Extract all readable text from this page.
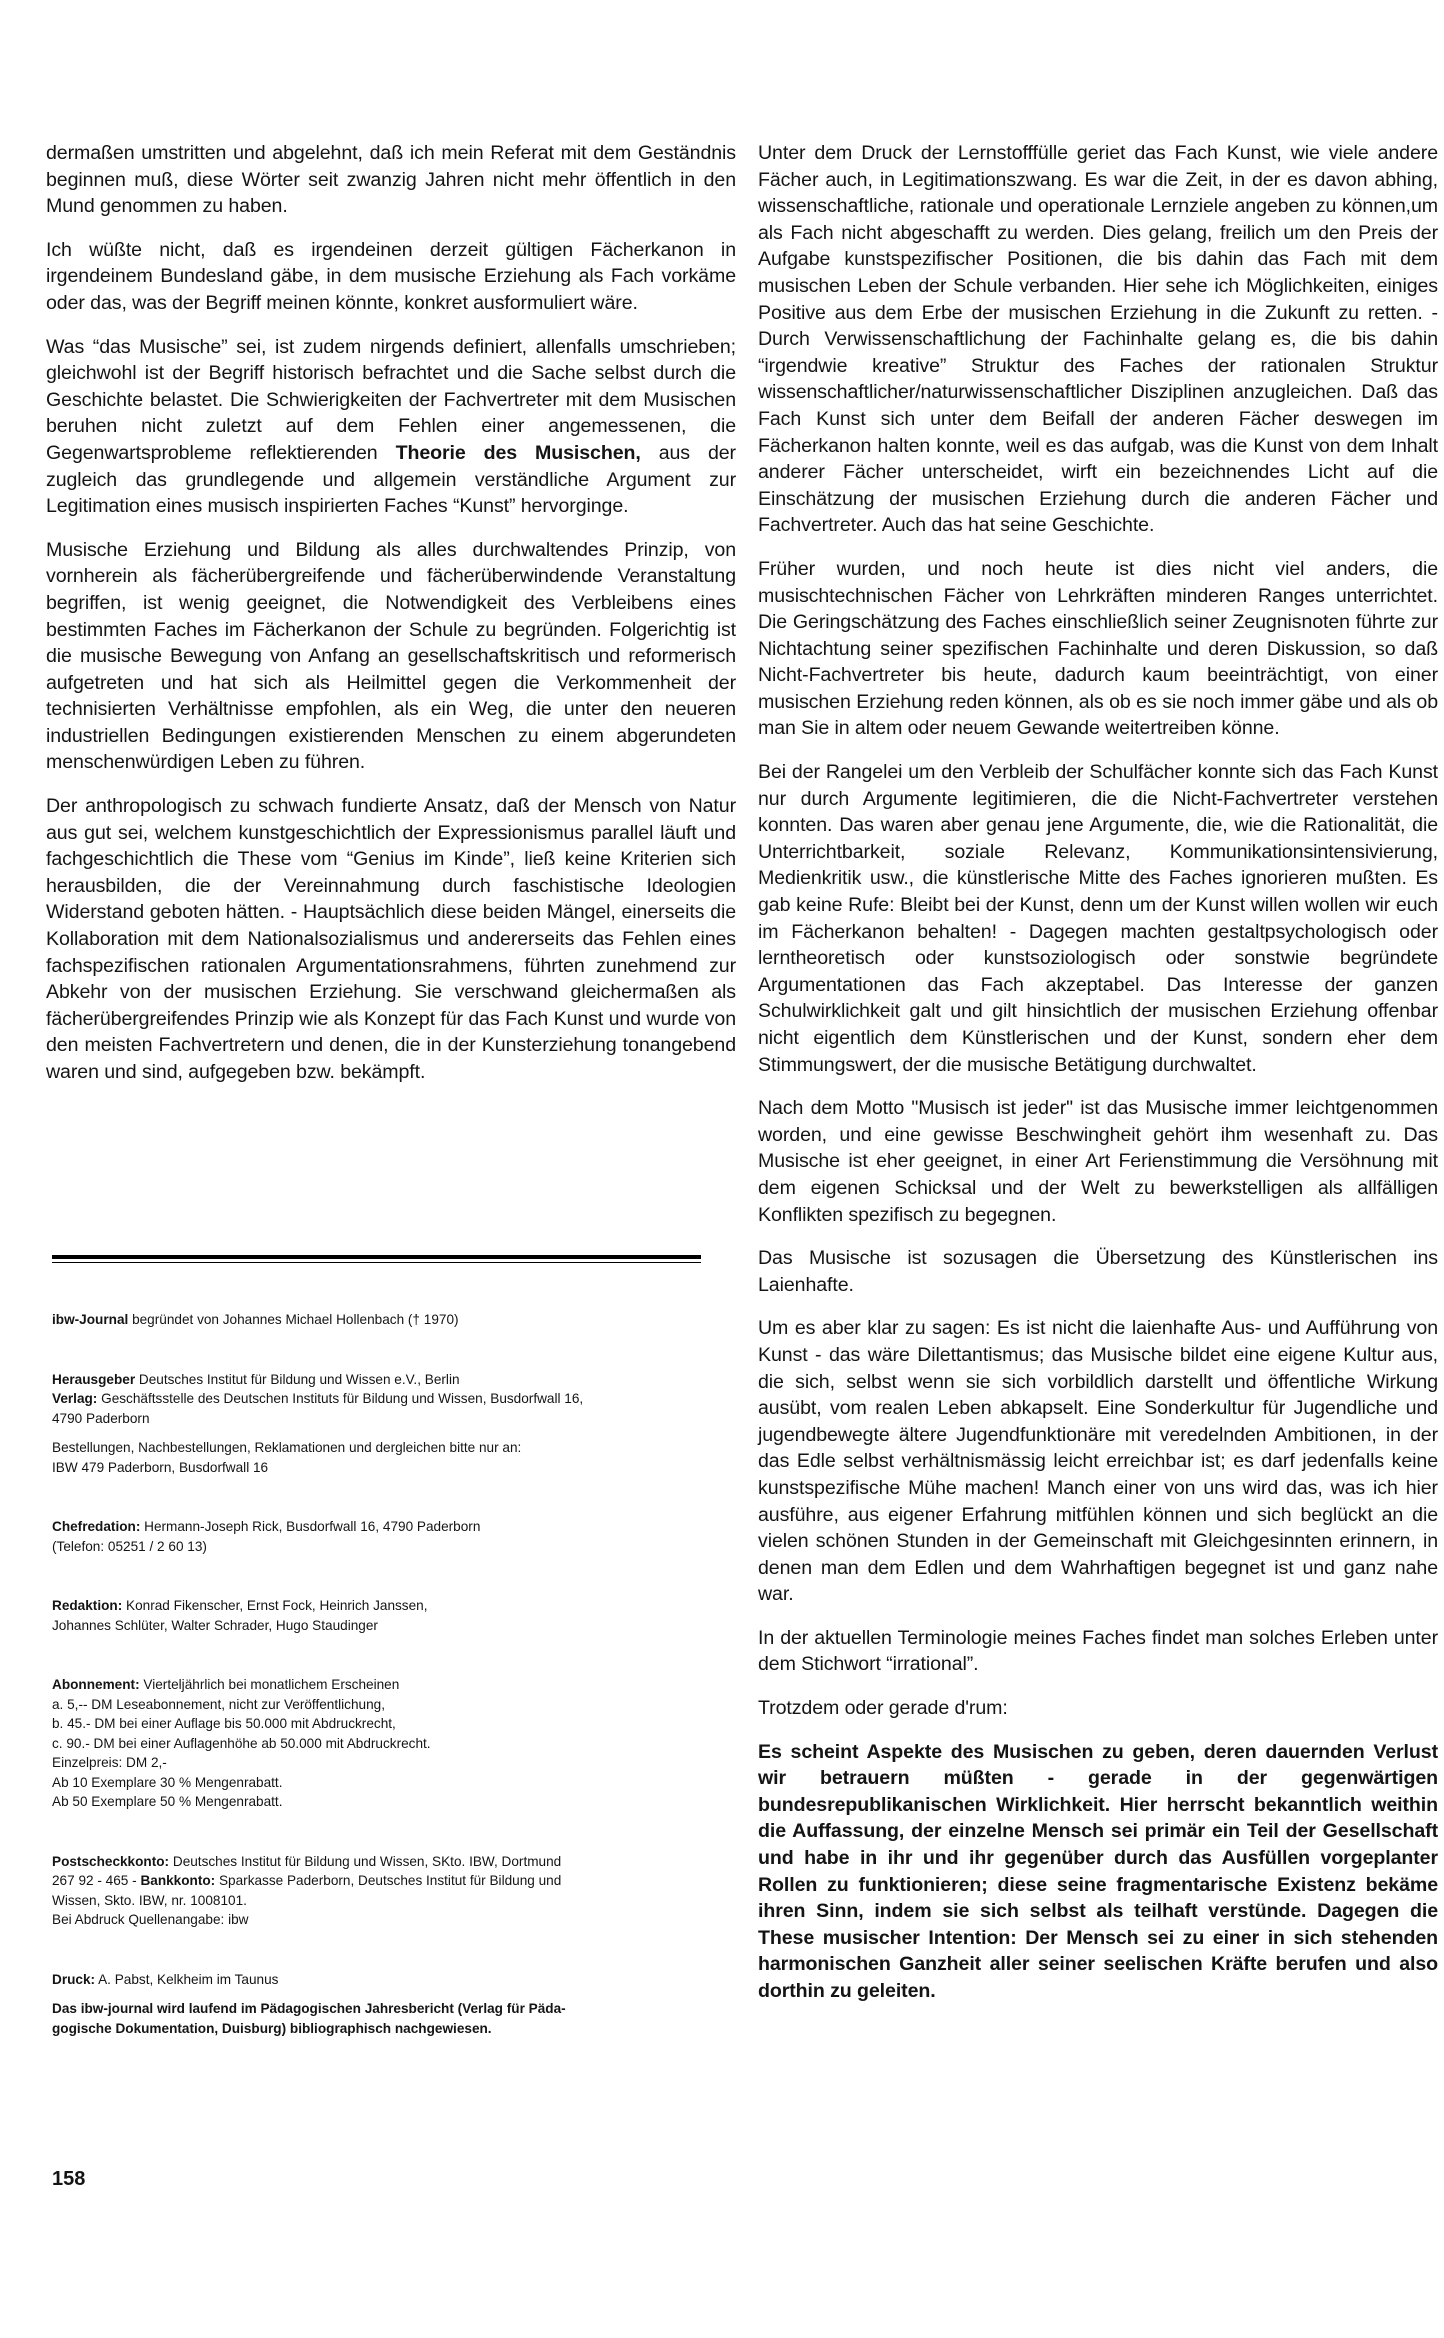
dermaßen umstritten und abgelehnt, daß ich mein Referat mit dem Geständnis beginnen muß, diese Wörter seit zwanzig Jahren nicht mehr öffentlich in den Mund genommen zu haben.

Ich wüßte nicht, daß es irgendeinen derzeit gültigen Fächerkanon in irgendeinem Bundesland gäbe, in dem musische Erziehung als Fach vorkäme oder das, was der Begriff meinen könnte, konkret ausformuliert wäre.

Was “das Musische” sei, ist zudem nirgends definiert, allenfalls umschrieben; gleichwohl ist der Begriff historisch befrachtet und die Sache selbst durch die Geschichte belastet. Die Schwierigkeiten der Fachvertreter mit dem Musischen beruhen nicht zuletzt auf dem Fehlen einer angemessenen, die Gegenwartsprobleme reflektierenden Theorie des Musischen, aus der zugleich das grundlegende und allgemein verständliche Argument zur Legitimation eines musisch inspirierten Faches “Kunst” hervorginge.

Musische Erziehung und Bildung als alles durchwaltendes Prinzip, von vornherein als fächerübergreifende und fächerüberwindende Veranstaltung begriffen, ist wenig geeignet, die Notwendigkeit des Verbleibens eines bestimmten Faches im Fächerkanon der Schule zu begründen. Folgerichtig ist die musische Bewegung von Anfang an gesellschaftskritisch und reformerisch aufgetreten und hat sich als Heilmittel gegen die Verkommenheit der technisierten Verhältnisse empfohlen, als ein Weg, die unter den neueren industriellen Bedingungen existierenden Menschen zu einem abgerundeten menschenwürdigen Leben zu führen.

Der anthropologisch zu schwach fundierte Ansatz, daß der Mensch von Natur aus gut sei, welchem kunstgeschichtlich der Expressionismus parallel läuft und fachgeschichtlich die These vom “Genius im Kinde”, ließ keine Kriterien sich herausbilden, die der Vereinnahmung durch faschistische Ideologien Widerstand geboten hätten. - Hauptsächlich diese beiden Mängel, einerseits die Kollaboration mit dem Nationalsozialismus und andererseits das Fehlen eines fachspezifischen rationalen Argumentationsrahmens, führten zunehmend zur Abkehr von der musischen Erziehung. Sie verschwand gleichermaßen als fächerübergreifendes Prinzip wie als Konzept für das Fach Kunst und wurde von den meisten Fachvertretern und denen, die in der Kunsterziehung tonangebend waren und sind, aufgegeben bzw. bekämpft.

ibw-Journal begründet von Johannes Michael Hollenbach († 1970)
Herausgeber Deutsches Institut für Bildung und Wissen e.V., Berlin
Verlag: Geschäftsstelle des Deutschen Instituts für Bildung und Wissen, Busdorfwall 16,
4790 Paderborn
Bestellungen, Nachbestellungen, Reklamationen und dergleichen bitte nur an:
IBW 479 Paderborn, Busdorfwall 16
Chefredation: Hermann-Joseph Rick, Busdorfwall 16, 4790 Paderborn
(Telefon: 05251 / 2 60 13)
Redaktion: Konrad Fikenscher, Ernst Fock, Heinrich Janssen,
Johannes Schlüter, Walter Schrader, Hugo Staudinger
Abonnement: Vierteljährlich bei monatlichem Erscheinen
a. 5,-- DM Leseabonnement, nicht zur Veröffentlichung,
b. 45.- DM bei einer Auflage bis 50.000 mit Abdruckrecht,
c. 90.- DM bei einer Auflagenhöhe ab 50.000 mit Abdruckrecht.
Einzelpreis: DM 2,-
Ab 10 Exemplare 30 % Mengenrabatt.
Ab 50 Exemplare 50 % Mengenrabatt.
Postscheckkonto: Deutsches Institut für Bildung und Wissen, SKto. IBW, Dortmund
267 92 - 465 - Bankkonto: Sparkasse Paderborn, Deutsches Institut für Bildung und
Wissen, Skto. IBW, nr. 1008101.
Bei Abdruck Quellenangabe: ibw
Druck: A. Pabst, Kelkheim im Taunus
Das ibw-journal wird laufend im Pädagogischen Jahresbericht (Verlag für Päda-
gogische Dokumentation, Duisburg) bibliographisch nachgewiesen.
158

Unter dem Druck der Lernstofffülle geriet das Fach Kunst, wie viele andere Fächer auch, in Legitimationszwang. Es war die Zeit, in der es davon abhing, wissenschaftliche, rationale und operationale Lernziele angeben zu können,um als Fach nicht abgeschafft zu werden. Dies gelang, freilich um den Preis der Aufgabe kunstspezifischer Positionen, die bis dahin das Fach mit dem musischen Leben der Schule verbanden. Hier sehe ich Möglichkeiten, einiges Positive aus dem Erbe der musischen Erziehung in die Zukunft zu retten. - Durch Verwissenschaftlichung der Fachinhalte gelang es, die bis dahin “irgendwie kreative” Struktur des Faches der rationalen Struktur wissenschaftlicher/naturwissenschaftlicher Disziplinen anzugleichen. Daß das Fach Kunst sich unter dem Beifall der anderen Fächer deswegen im Fächerkanon halten konnte, weil es das aufgab, was die Kunst von dem Inhalt anderer Fächer unterscheidet, wirft ein bezeichnendes Licht auf die Einschätzung der musischen Erziehung durch die anderen Fächer und Fachvertreter. Auch das hat seine Geschichte.

Früher wurden, und noch heute ist dies nicht viel anders, die musischtechnischen Fächer von Lehrkräften minderen Ranges unterrichtet. Die Geringschätzung des Faches einschließlich seiner Zeugnisnoten führte zur Nichtachtung seiner spezifischen Fachinhalte und deren Diskussion, so daß Nicht-Fachvertreter bis heute, dadurch kaum beeinträchtigt, von einer musischen Erziehung reden können, als ob es sie noch immer gäbe und als ob man Sie in altem oder neuem Gewande weitertreiben könne.

Bei der Rangelei um den Verbleib der Schulfächer konnte sich das Fach Kunst nur durch Argumente legitimieren, die die Nicht-Fachvertreter verstehen konnten. Das waren aber genau jene Argumente, die, wie die Rationalität, die Unterrichtbarkeit, soziale Relevanz, Kommunikationsintensivierung, Medienkritik usw., die künstlerische Mitte des Faches ignorieren mußten. Es gab keine Rufe: Bleibt bei der Kunst, denn um der Kunst willen wollen wir euch im Fächerkanon behalten! - Dagegen machten gestaltpsychologisch oder lerntheoretisch oder kunstsoziologisch oder sonstwie begründete Argumentationen das Fach akzeptabel. Das Interesse der ganzen Schulwirklichkeit galt und gilt hinsichtlich der musischen Erziehung offenbar nicht eigentlich dem Künstlerischen und der Kunst, sondern eher dem Stimmungswert, der die musische Betätigung durchwaltet.

Nach dem Motto "Musisch ist jeder" ist das Musische immer leichtgenommen worden, und eine gewisse Beschwingheit gehört ihm wesenhaft zu. Das Musische ist eher geeignet, in einer Art Ferienstimmung die Versöhnung mit dem eigenen Schicksal und der Welt zu bewerkstelligen als allfälligen Konflikten spezifisch zu begegnen.

Das Musische ist sozusagen die Übersetzung des Künstlerischen ins Laienhafte.

Um es aber klar zu sagen: Es ist nicht die laienhafte Aus- und Aufführung von Kunst - das wäre Dilettantismus; das Musische bildet eine eigene Kultur aus, die sich, selbst wenn sie sich vorbildlich darstellt und öffentliche Wirkung ausübt, vom realen Leben abkapselt. Eine Sonderkultur für Jugendliche und jugendbewegte ältere Jugendfunktionäre mit veredelnden Ambitionen, in der das Edle selbst verhältnismässig leicht erreichbar ist; es darf jedenfalls keine kunstspezifische Mühe machen! Manch einer von uns wird das, was ich hier ausführe, aus eigener Erfahrung mitfühlen können und sich beglückt an die vielen schönen Stunden in der Gemeinschaft mit Gleichgesinnten erinnern, in denen man dem Edlen und dem Wahrhaftigen begegnet ist und ganz nahe war.

In der aktuellen Terminologie meines Faches findet man solches Erleben unter dem Stichwort “irrational”.

Trotzdem oder gerade d'rum:

Es scheint Aspekte des Musischen zu geben, deren dauernden Verlust wir betrauern müßten - gerade in der gegenwärtigen bundesrepublikanischen Wirklichkeit. Hier herrscht bekanntlich weithin die Auffassung, der einzelne Mensch sei primär ein Teil der Gesellschaft und habe in ihr und ihr gegenüber durch das Ausfüllen vorgeplanter Rollen zu funktionieren; diese seine fragmentarische Existenz bekäme ihren Sinn, indem sie sich selbst als teilhaft verstünde. Dagegen die These musischer Intention: Der Mensch sei zu einer in sich stehenden harmonischen Ganzheit aller seiner seelischen Kräfte berufen und also dorthin zu geleiten.
